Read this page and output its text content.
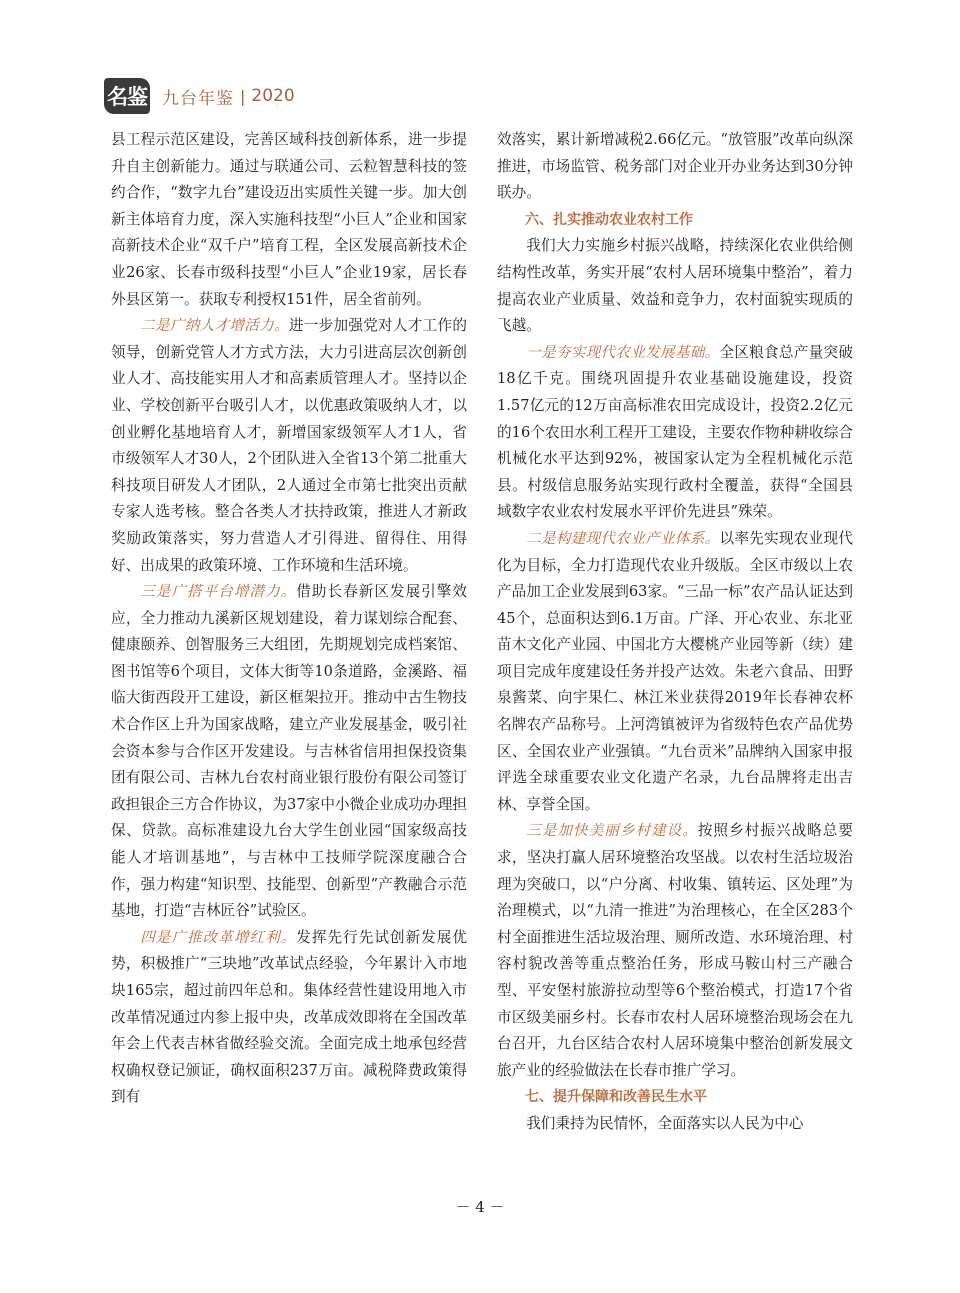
名鉴 九台年鉴 | 2020

县工程示范区建设，完善区域科技创新体系，进一步提升自主创新能力。通过与联通公司、云粒智慧科技的签约合作，“数字九台”建设迈出实质性关键一步。加大创新主体培育力度，深入实施科技型“小巨人”企业和国家高新技术企业“双千户”培育工程，全区发展高新技术企业26家、长春市级科技型“小巨人”企业19家，居长春外县区第一。获取专利授权151件，居全省前列。

二是广纳人才增活力。进一步加强党对人才工作的领导，创新党管人才方式方法，大力引进高层次创新创业人才、高技能实用人才和高素质管理人才。坚持以企业、学校创新平台吸引人才，以优惠政策吸纳人才，以创业孵化基地培育人才，新增国家级领军人才1人，省市级领军人才30人，2个团队进入全省13个第二批重大科技项目研发人才团队，2人通过全市第七批突出贡献专家人选考核。整合各类人才扶持政策，推进人才新政奖励政策落实，努力营造人才引得进、留得住、用得好、出成果的政策环境、工作环境和生活环境。

三是广搭平台增潜力。借助长春新区发展引擎效应，全力推动九溪新区规划建设，着力谋划综合配套、健康颐养、创智服务三大组团，先期规划完成档案馆、图书馆等6个项目，文体大街等10条道路，金溪路、福临大街西段开工建设，新区框架拉开。推动中古生物技术合作区上升为国家战略，建立产业发展基金，吸引社会资本参与合作区开发建设。与吉林省信用担保投资集团有限公司、吉林九台农村商业银行股份有限公司签订政担银企三方合作协议，为37家中小微企业成功办理担保、贷款。高标准建设九台大学生创业园“国家级高技能人才培训基地”，与吉林中工技师学院深度融合合作，强力构建“知识型、技能型、创新型”产教融合示范基地，打造“吉林匠谷”试验区。

四是广推改革增红利。发挥先行先试创新发展优势，积极推广“三块地”改革试点经验，今年累计入市地块165宗，超过前四年总和。集体经营性建设用地入市改革情况通过内参上报中央，改革成效即将在全国改革年会上代表吉林省做经验交流。全面完成土地承包经营权确权登记颁证，确权面积237万亩。减税降费政策得到有

效落实，累计新增减税2.66亿元。“放管服”改革向纵深推进，市场监管、税务部门对企业开办业务达到30分钟联办。

六、扎实推动农业农村工作

我们大力实施乡村振兴战略，持续深化农业供给侧结构性改革，务实开展“农村人居环境集中整治”，着力提高农业产业质量、效益和竞争力，农村面貌实现质的飞越。

一是夯实现代农业发展基础。全区粮食总产量突破18亿千克。围绕巩固提升农业基础设施建设，投资1.57亿元的12万亩高标准农田完成设计，投资2.2亿元的16个农田水利工程开工建设，主要农作物种耕收综合机械化水平达到92%，被国家认定为全程机械化示范县。村级信息服务站实现行政村全覆盖，获得“全国县域数字农业农村发展水平评价先进县”殊荣。

二是构建现代农业产业体系。以率先实现农业现代化为目标，全力打造现代农业升级版。全区市级以上农产品加工企业发展到63家。“三品一标”农产品认证达到45个，总面积达到6.1万亩。广泽、开心农业、东北亚苗木文化产业园、中国北方大樱桃产业园等新（续）建项目完成年度建设任务并投产达效。朱老六食品、田野泉酱菜、向宇果仁、林江米业获得2019年长春神农杯名牌农产品称号。上河湾镇被评为省级特色农产品优势区、全国农业产业强镇。“九台贡米”品牌纳入国家申报评选全球重要农业文化遗产名录，九台品牌将走出吉林、享誉全国。

三是加快美丽乡村建设。按照乡村振兴战略总要求，坚决打赢人居环境整治攻坚战。以农村生活垃圾治理为突破口，以“户分离、村收集、镇转运、区处理”为治理模式，以“九清一推进”为治理核心，在全区283个村全面推进生活垃圾治理、厕所改造、水环境治理、村容村貌改善等重点整治任务，形成马鞍山村三产融合型、平安堡村旅游拉动型等6个整治模式，打造17个省市区级美丽乡村。长春市农村人居环境整治现场会在九台召开，九台区结合农村人居环境集中整治创新发展文旅产业的经验做法在长春市推广学习。

七、提升保障和改善民生水平

我们秉持为民情怀，全面落实以人民为中心

－ 4 －
